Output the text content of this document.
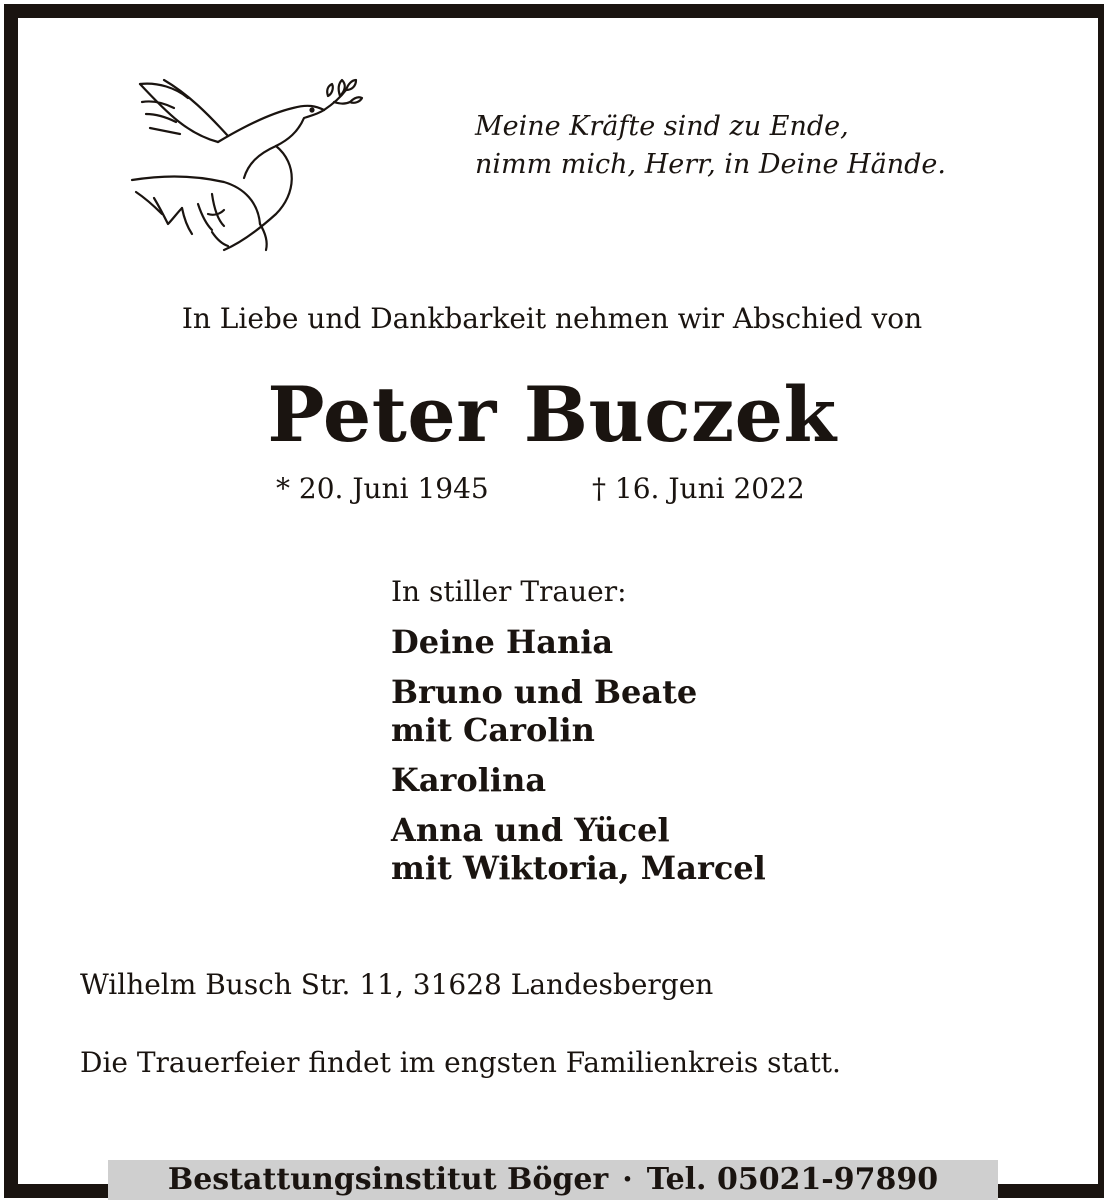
Meine Kräfte sind zu Ende,
nimm mich, Herr, in Deine Hände.
In Liebe und Dankbarkeit nehmen wir Abschied von
Peter Buczek
* 20. Juni 1945	† 16. Juni 2022
In stiller Trauer:
Deine Hania
Bruno und Beate
mit Carolin
Karolina
Anna und Yücel
mit Wiktoria, Marcel
Wilhelm Busch Str. 11, 31628 Landesbergen
Die Trauerfeier findet im engsten Familienkreis statt.
Bestattungsinstitut Böger · Tel. 05021-97890
